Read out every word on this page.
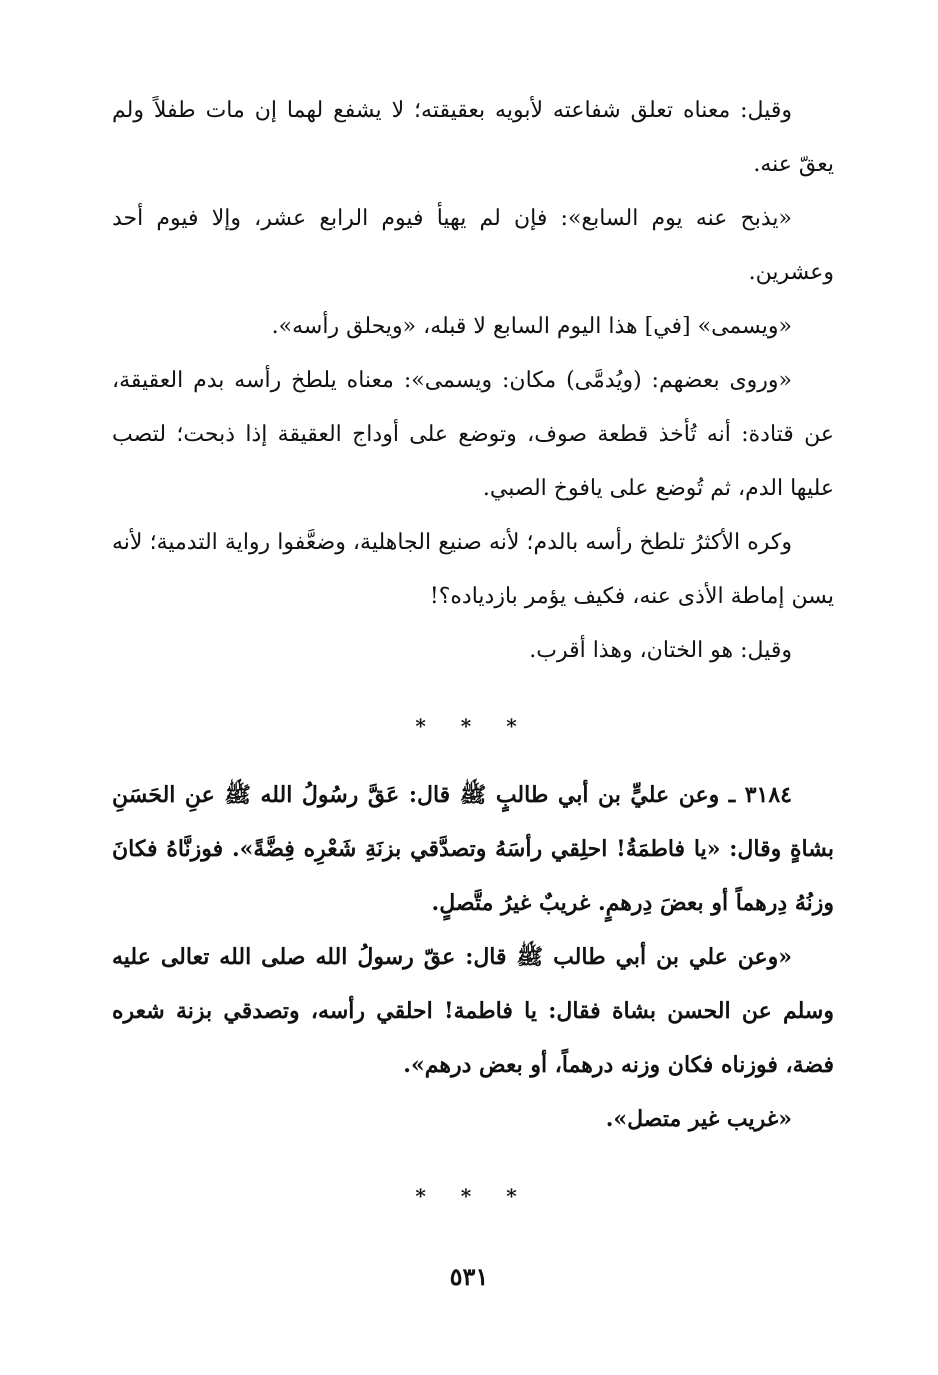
وقيل: معناه تعلق شفاعته لأبويه بعقيقته؛ لا يشفع لهما إن مات طفلاً ولم يعقّ عنه.

«يذبح عنه يوم السابع»: فإن لم يهيأ فيوم الرابع عشر، وإلا فيوم أحد وعشرين.

«ويسمى» [في] هذا اليوم السابع لا قبله، «ويحلق رأسه».

«وروى بعضهم: (ويُدمَّى) مكان: ويسمى»: معناه يلطخ رأسه بدم العقيقة، عن قتادة: أنه تُأخذ قطعة صوف، وتوضع على أوداج العقيقة إذا ذبحت؛ لتصب عليها الدم، ثم تُوضع على يافوخ الصبي.

وكره الأكثرُ تلطخ رأسه بالدم؛ لأنه صنيع الجاهلية، وضعَّفوا رواية التدمية؛ لأنه يسن إماطة الأذى عنه، فكيف يؤمر بازدياده؟!

وقيل: هو الختان، وهذا أقرب.

* * *

٣١٨٤ ـ وعن عليٍّ بن أبي طالبٍ ﷺ قال: عَقَّ رسُولُ الله ﷺ عنِ الحَسَنِ بشاةٍ وقال: «يا فاطمَةُ! احلِقي رأسَهُ وتصدَّقي بزنَةِ شَعْرِه فِضَّةً». فوزنَّاهُ فكانَ وزنُهُ دِرهماً أو بعضَ دِرهمٍ. غريبٌ غيرُ متَّصلٍ.

«وعن علي بن أبي طالب ﷺ قال: عقّ رسولُ الله صلى الله تعالى عليه وسلم عن الحسن بشاة فقال: يا فاطمة! احلقي رأسه، وتصدقي بزنة شعره فضة، فوزناه فكان وزنه درهماً، أو بعض درهم».

«غريب غير متصل».

* * *
٥٣١
